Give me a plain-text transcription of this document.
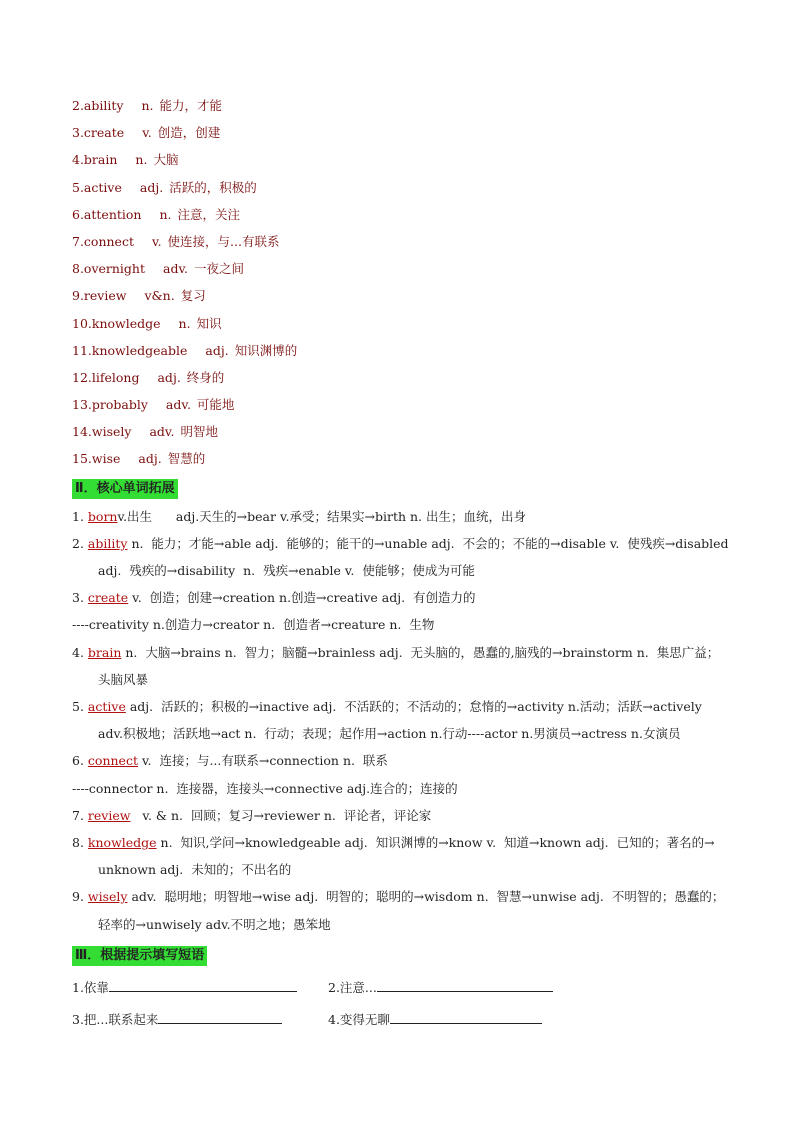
2.ability n. 能力，才能
3.create v. 创造，创建
4.brain n. 大脑
5.active adj. 活跃的，积极的
6.attention n. 注意，关注
7.connect v. 使连接，与...有联系
8.overnight adv. 一夜之间
9.review v&n. 复习
10.knowledge n. 知识
11.knowledgeable adj. 知识渊博的
12.lifelong adj. 终身的
13.probably adv. 可能地
14.wisely adv. 明智地
15.wise adj. 智慧的
Ⅱ．核心单词拓展
1. bornv.出生      adj.天生的→bear v.承受；结果实→birth n. 出生；血统，出身
2. ability n.  能力；才能→able adj.  能够的；能干的→unable adj.  不会的；不能的→disable v.  使残疾→disabled
adj.  残疾的→disability  n.  残疾→enable v.  使能够；使成为可能
3. create v.  创造；创建→creation n.创造→creative adj.  有创造力的
----creativity n.创造力→creator n.  创造者→creature n.  生物
4. brain n.  大脑→brains n.  智力；脑髓→brainless adj.  无头脑的，愚蠢的,脑残的→brainstorm n.  集思广益；
头脑风暴
5. active adj.  活跃的；积极的→inactive adj.  不活跃的；不活动的；怠惰的→activity n.活动；活跃→actively
adv.积极地；活跃地→act n.  行动；表现；起作用→action n.行动----actor n.男演员→actress n.女演员
6. connect v.  连接；与...有联系→connection n.  联系
----connector n.  连接器，连接头→connective adj.连合的；连接的
7. review   v. & n.  回顾；复习→reviewer n.  评论者，评论家
8. knowledge n.  知识,学问→knowledgeable adj.  知识渊博的→know v.  知道→known adj.  已知的；著名的→
unknown adj.  未知的；不出名的
9. wisely adv.  聪明地；明智地→wise adj.  明智的；聪明的→wisdom n.  智慧→unwise adj.  不明智的；愚蠢的；
轻率的→unwisely adv.不明之地；愚笨地
Ⅲ．根据提示填写短语
1.依靠	2.注意...
3.把...联系起来	4.变得无聊
